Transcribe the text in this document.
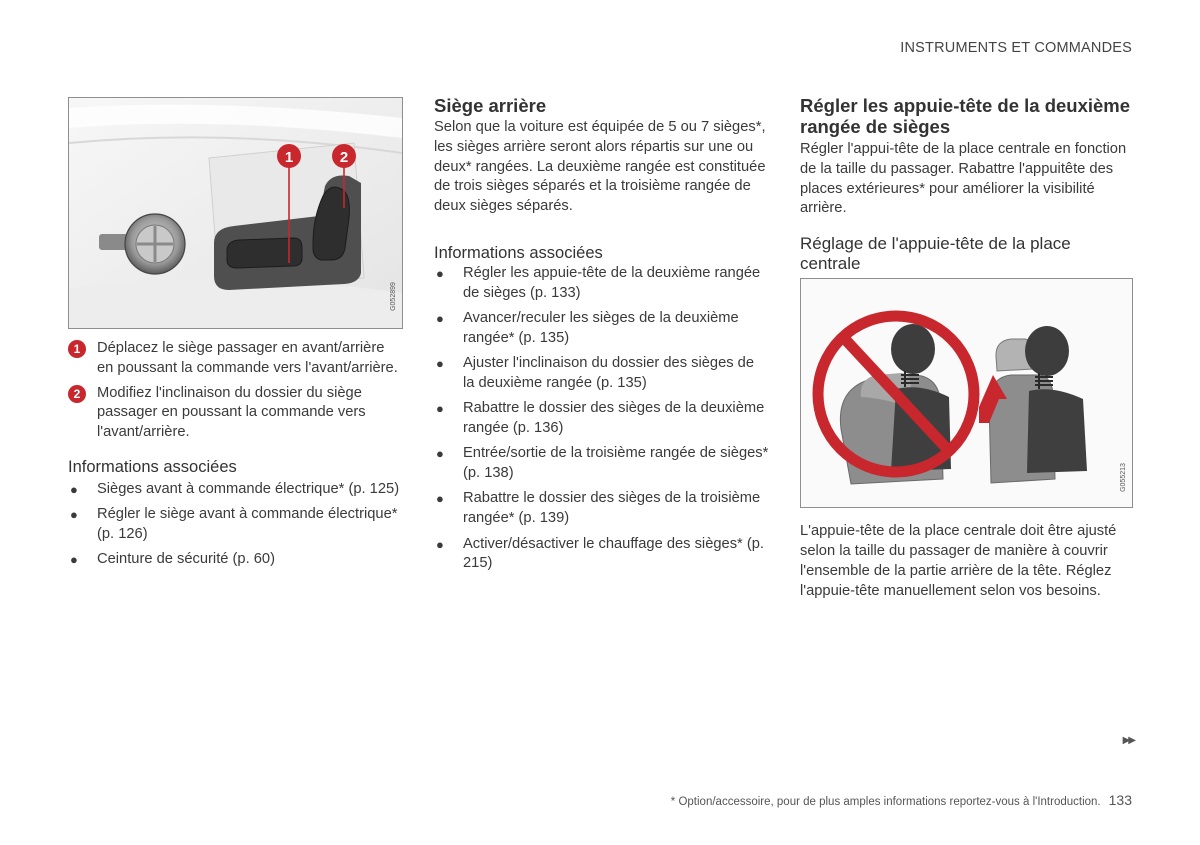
INSTRUMENTS ET COMMANDES
1	2
G052899
1	Déplacez le siège passager en avant/arrière en poussant la commande vers l'avant/arrière.
2	Modifiez l'inclinaison du dossier du siège passager en poussant la commande vers l'avant/arrière.
Informations associées
● Sièges avant à commande électrique* (p. 125)
● Régler le siège avant à commande électrique* (p. 126)
● Ceinture de sécurité (p. 60)
Siège arrière

Selon que la voiture est équipée de 5 ou 7 sièges*, les sièges arrière seront alors répartis sur une ou deux* rangées. La deuxième rangée est constituée de trois sièges séparés et la troisième rangée de deux sièges séparés.

Informations associées
● Régler les appuie-tête de la deuxième rangée de sièges (p. 133)
● Avancer/reculer les sièges de la deuxième rangée* (p. 135)
● Ajuster l'inclinaison du dossier des sièges de la deuxième rangée (p. 135)
● Rabattre le dossier des sièges de la deuxième rangée (p. 136)
● Entrée/sortie de la troisième rangée de sièges* (p. 138)
● Rabattre le dossier des sièges de la troisième rangée* (p. 139)
● Activer/désactiver le chauffage des sièges* (p. 215)
Régler les appuie-tête de la deuxième rangée de sièges

Régler l'appui-tête de la place centrale en fonction de la taille du passager. Rabattre l'appuitête des places extérieures* pour améliorer la visibilité arrière.

Réglage de l'appuie-tête de la place centrale
G055213

L'appuie-tête de la place centrale doit être ajusté selon la taille du passager de manière à couvrir l'ensemble de la partie arrière de la tête. Réglez l'appuie-tête manuellement selon vos besoins.

▶▶
* Option/accessoire, pour de plus amples informations reportez-vous à l'Introduction. 133
